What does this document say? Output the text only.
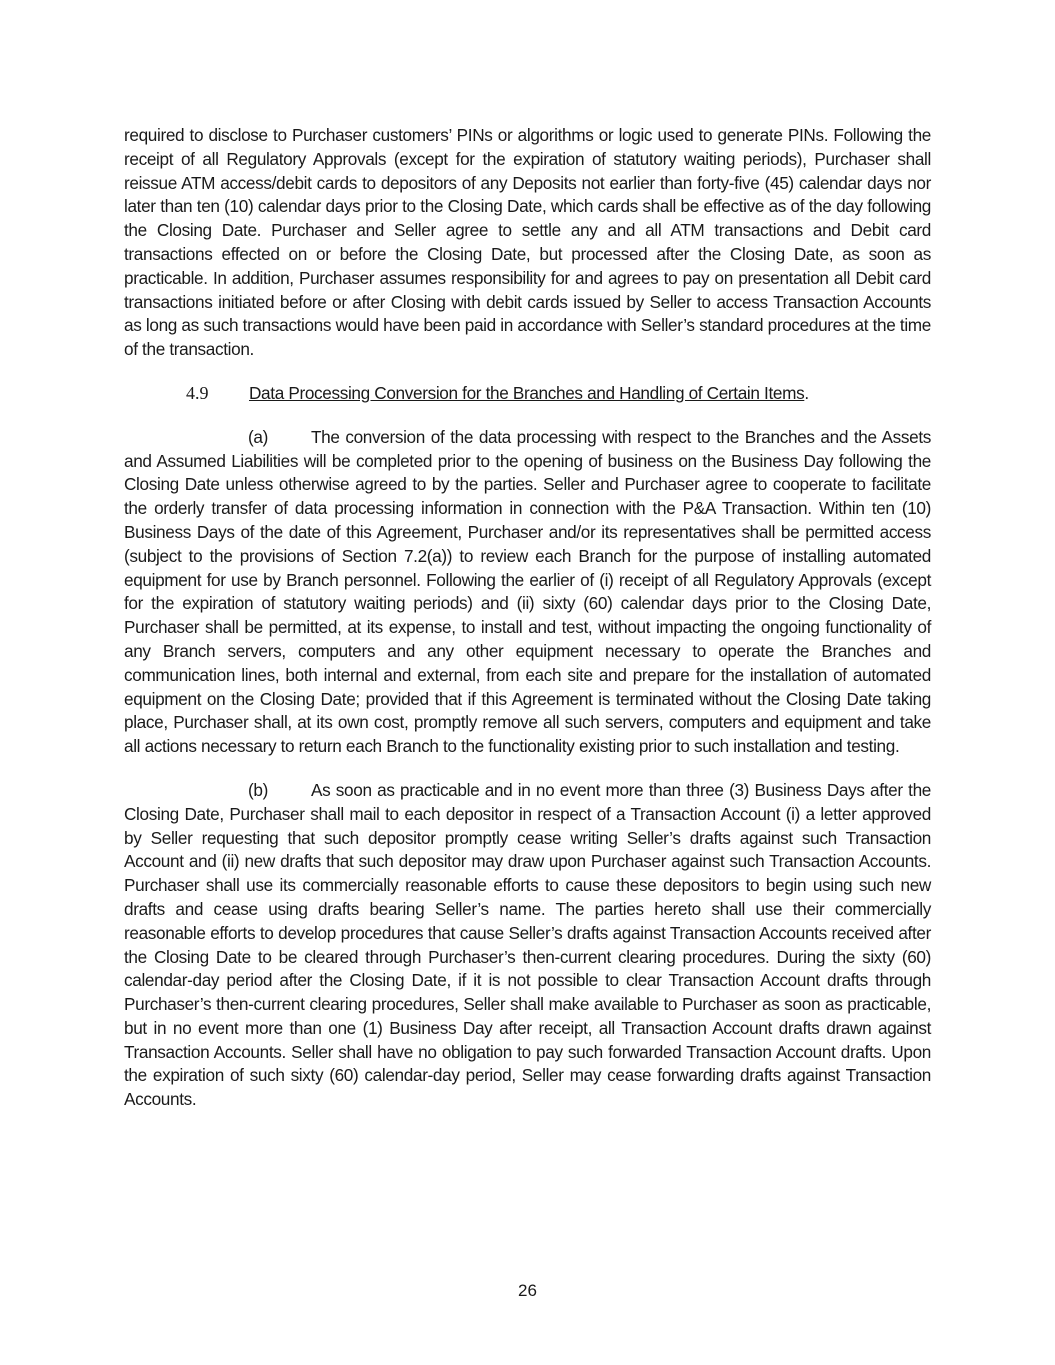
required to disclose to Purchaser customers’ PINs or algorithms or logic used to generate PINs. Following the receipt of all Regulatory Approvals (except for the expiration of statutory waiting periods), Purchaser shall reissue ATM access/debit cards to depositors of any Deposits not earlier than forty-five (45) calendar days nor later than ten (10) calendar days prior to the Closing Date, which cards shall be effective as of the day following the Closing Date. Purchaser and Seller agree to settle any and all ATM transactions and Debit card transactions effected on or before the Closing Date, but processed after the Closing Date, as soon as practicable. In addition, Purchaser assumes responsibility for and agrees to pay on presentation all Debit card transactions initiated before or after Closing with debit cards issued by Seller to access Transaction Accounts as long as such transactions would have been paid in accordance with Seller’s standard procedures at the time of the transaction.

4.9 Data Processing Conversion for the Branches and Handling of Certain Items.

(a)	The conversion of the data processing with respect to the Branches and the Assets and Assumed Liabilities will be completed prior to the opening of business on the Business Day following the Closing Date unless otherwise agreed to by the parties. Seller and Purchaser agree to cooperate to facilitate the orderly transfer of data processing information in connection with the P&A Transaction. Within ten (10) Business Days of the date of this Agreement, Purchaser and/or its representatives shall be permitted access (subject to the provisions of Section 7.2(a)) to review each Branch for the purpose of installing automated equipment for use by Branch personnel. Following the earlier of (i) receipt of all Regulatory Approvals (except for the expiration of statutory waiting periods) and (ii) sixty (60) calendar days prior to the Closing Date, Purchaser shall be permitted, at its expense, to install and test, without impacting the ongoing functionality of any Branch servers, computers and any other equipment necessary to operate the Branches and communication lines, both internal and external, from each site and prepare for the installation of automated equipment on the Closing Date; provided that if this Agreement is terminated without the Closing Date taking place, Purchaser shall, at its own cost, promptly remove all such servers, computers and equipment and take all actions necessary to return each Branch to the functionality existing prior to such installation and testing.

(b)	As soon as practicable and in no event more than three (3) Business Days after the Closing Date, Purchaser shall mail to each depositor in respect of a Transaction Account (i) a letter approved by Seller requesting that such depositor promptly cease writing Seller’s drafts against such Transaction Account and (ii) new drafts that such depositor may draw upon Purchaser against such Transaction Accounts. Purchaser shall use its commercially reasonable efforts to cause these depositors to begin using such new drafts and cease using drafts bearing Seller’s name. The parties hereto shall use their commercially reasonable efforts to develop procedures that cause Seller’s drafts against Transaction Accounts received after the Closing Date to be cleared through Purchaser’s then-current clearing procedures. During the sixty (60) calendar-day period after the Closing Date, if it is not possible to clear Transaction Account drafts through Purchaser’s then-current clearing procedures, Seller shall make available to Purchaser as soon as practicable, but in no event more than one (1) Business Day after receipt, all Transaction Account drafts drawn against Transaction Accounts. Seller shall have no obligation to pay such forwarded Transaction Account drafts. Upon the expiration of such sixty (60) calendar-day period, Seller may cease forwarding drafts against Transaction Accounts.

26
